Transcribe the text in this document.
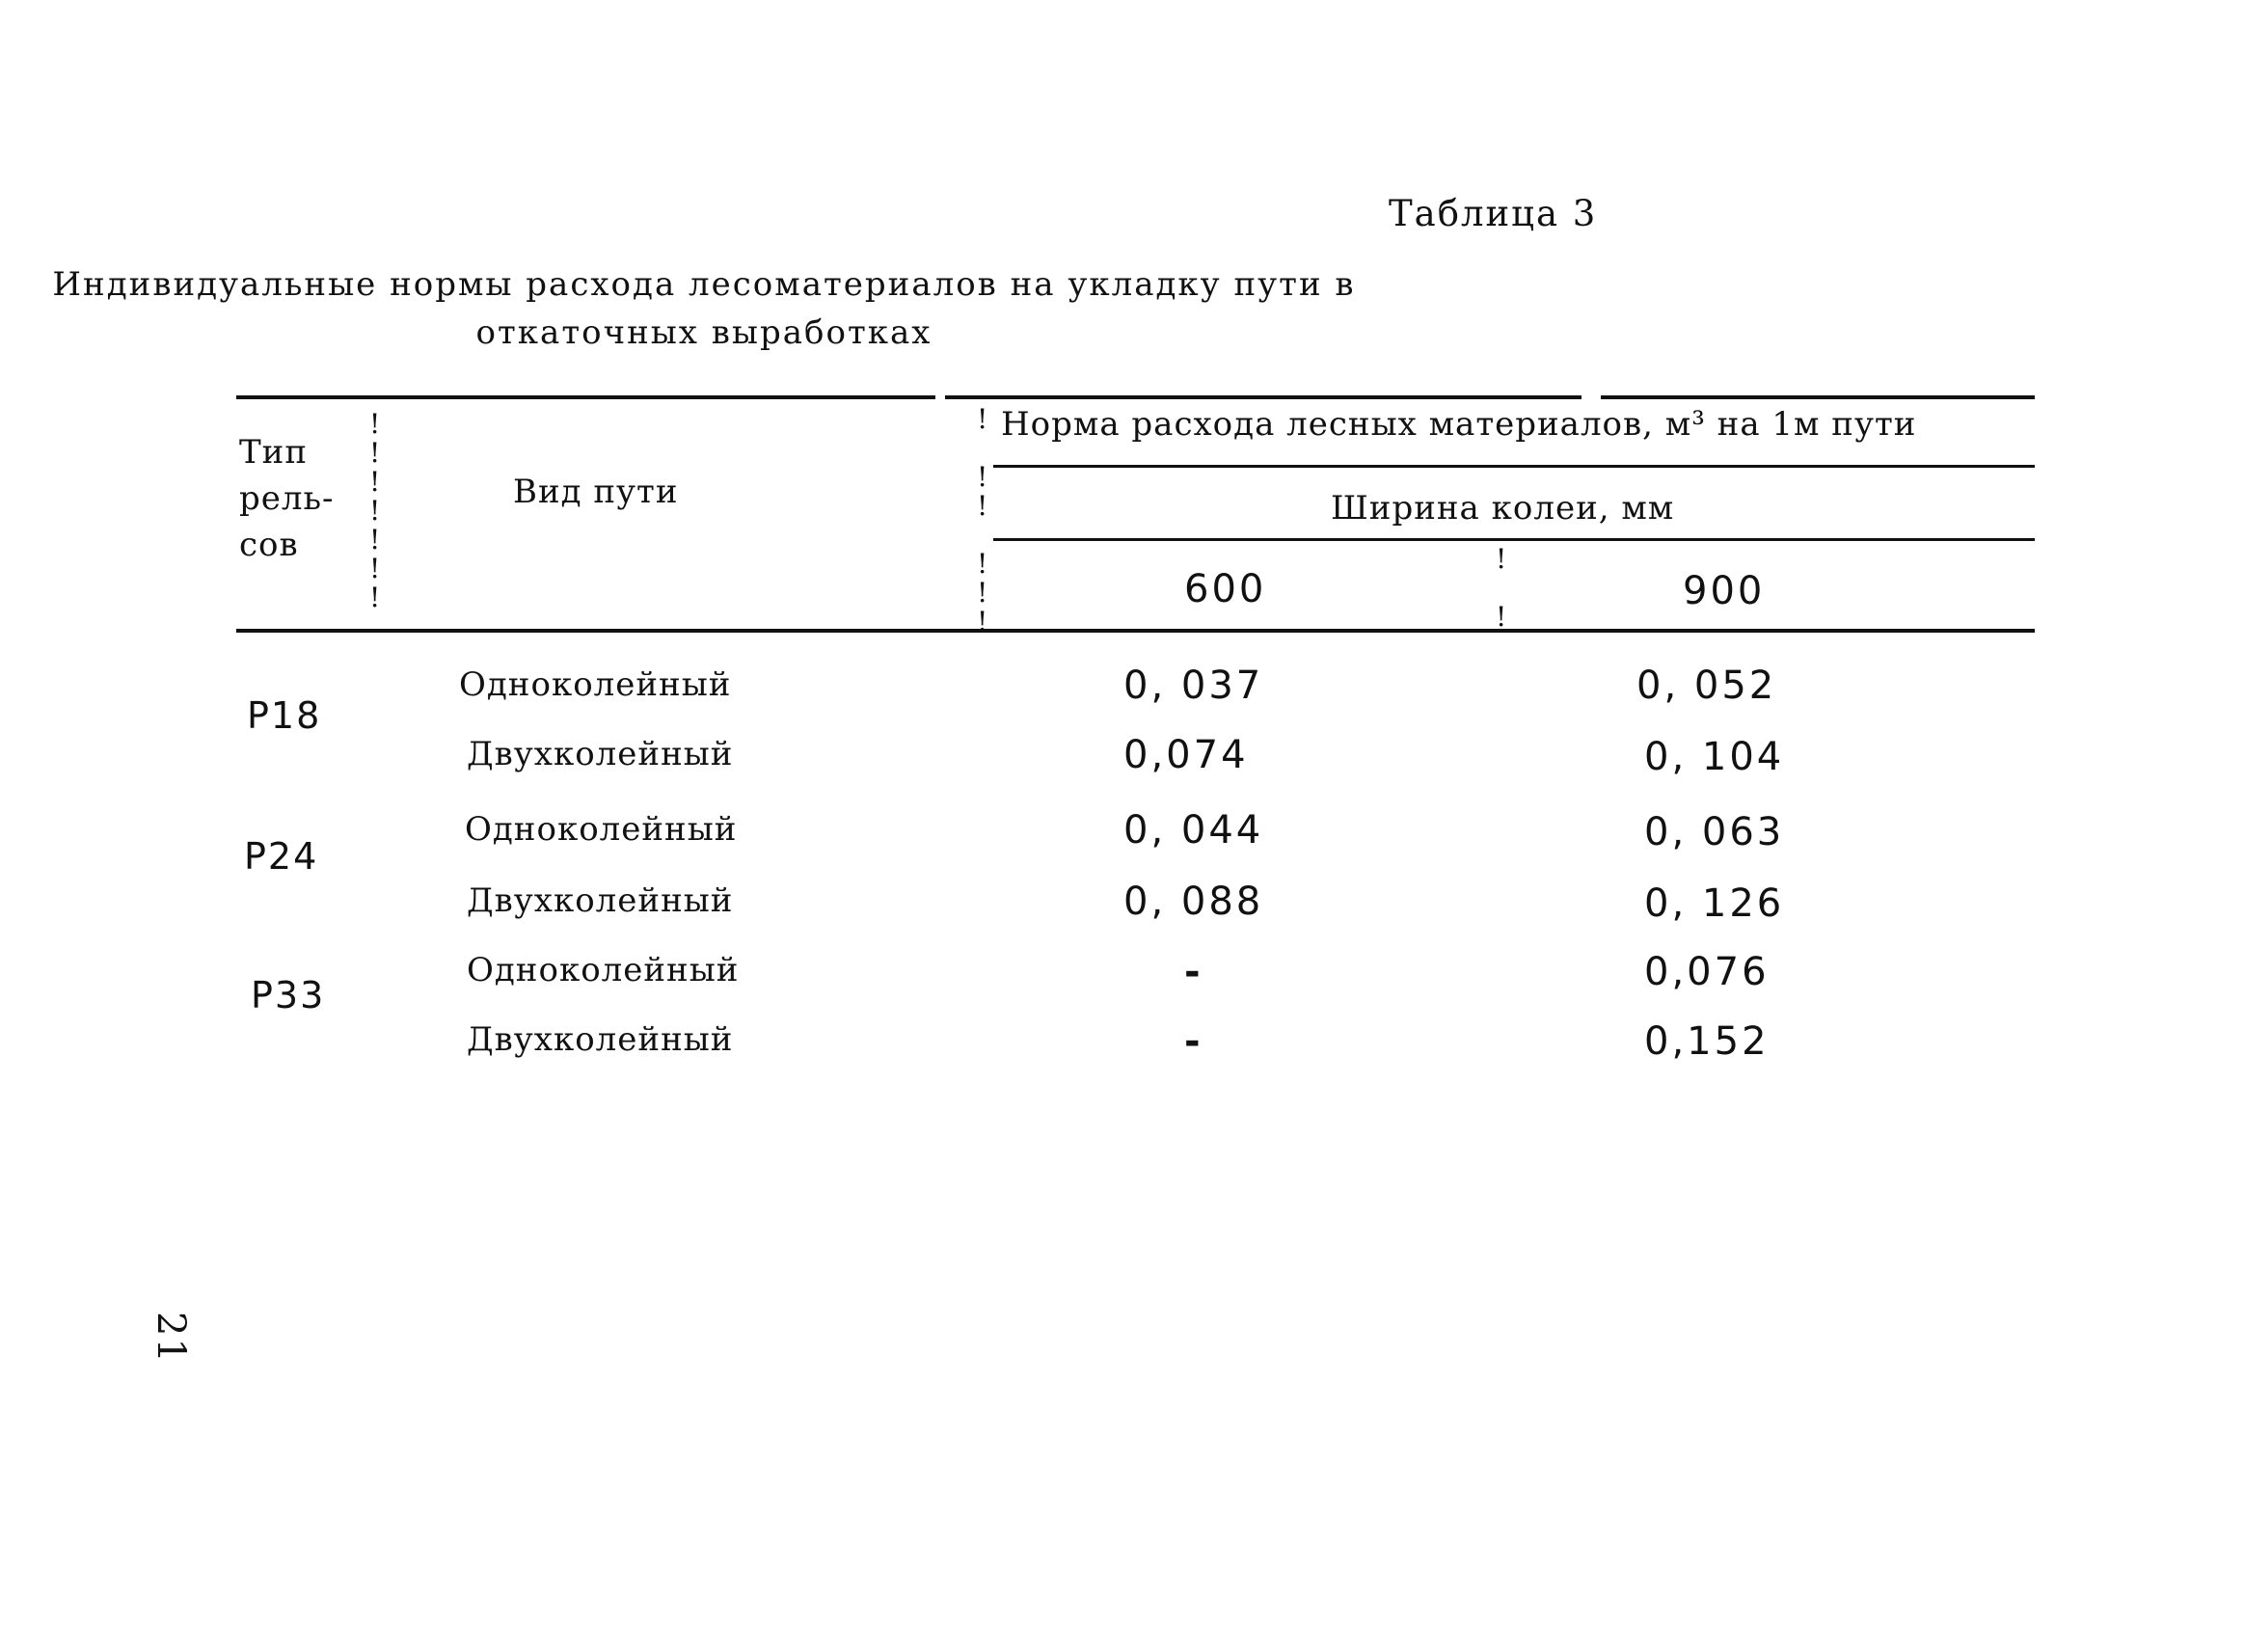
Таблица 3
Индивидуальные нормы расхода лесоматериалов на укладку пути в
откаточных выработках
!
!
!
!
!
!
!
!

!
!

!
!
!
!

!
Тип
рель-
сов
Вид пути
Норма расхода лесных материалов, м³ на 1м пути
Ширина колеи, мм
600	900
Р18
Одноколейный	0, 037	0, 052
Двухколейный	0,074	0, 104
Р24
Одноколейный	0, 044	0, 063
Двухколейный	0, 088	0, 126
Р33
Одноколейный	-	0,076
Двухколейный	-	0,152
21
